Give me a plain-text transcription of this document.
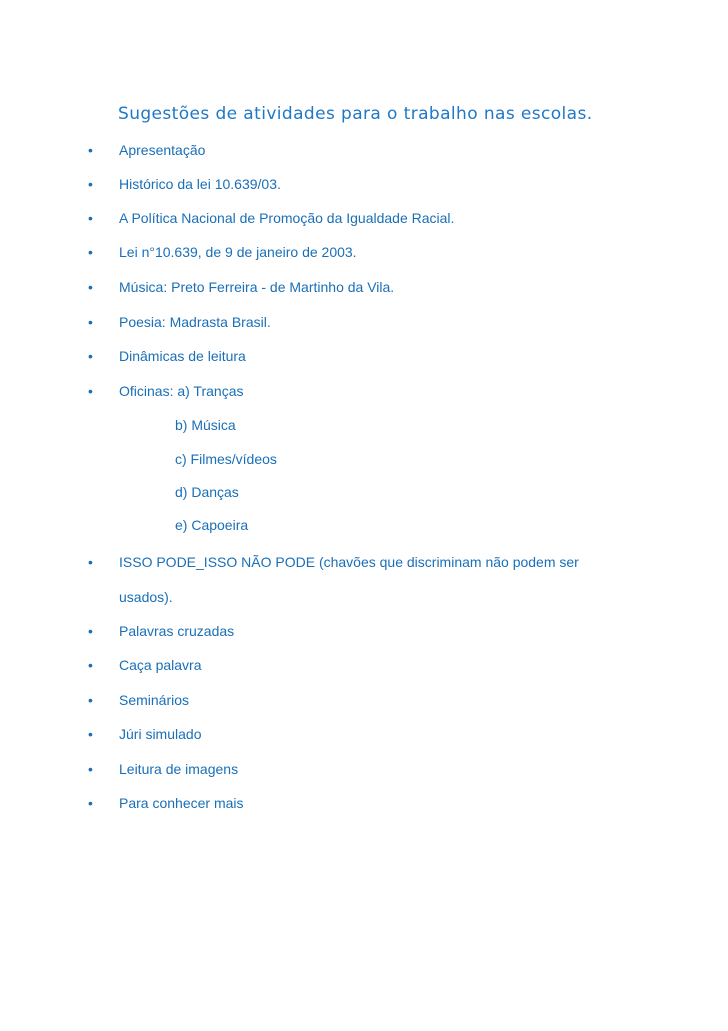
Sugestões de atividades para o trabalho nas escolas.
• Apresentação
• Histórico da lei 10.639/03.
• A Política Nacional de Promoção da Igualdade Racial.
• Lei n°10.639, de 9 de janeiro de 2003.
• Música: Preto Ferreira - de Martinho da Vila.
• Poesia: Madrasta Brasil.
• Dinâmicas de leitura
• Oficinas: a) Tranças
b) Música
c) Filmes/vídeos
d) Danças
e) Capoeira
• ISSO PODE_ISSO NÃO PODE (chavões que discriminam não podem ser
usados).
• Palavras cruzadas
• Caça palavra
• Seminários
• Júri simulado
• Leitura de imagens
• Para conhecer mais
